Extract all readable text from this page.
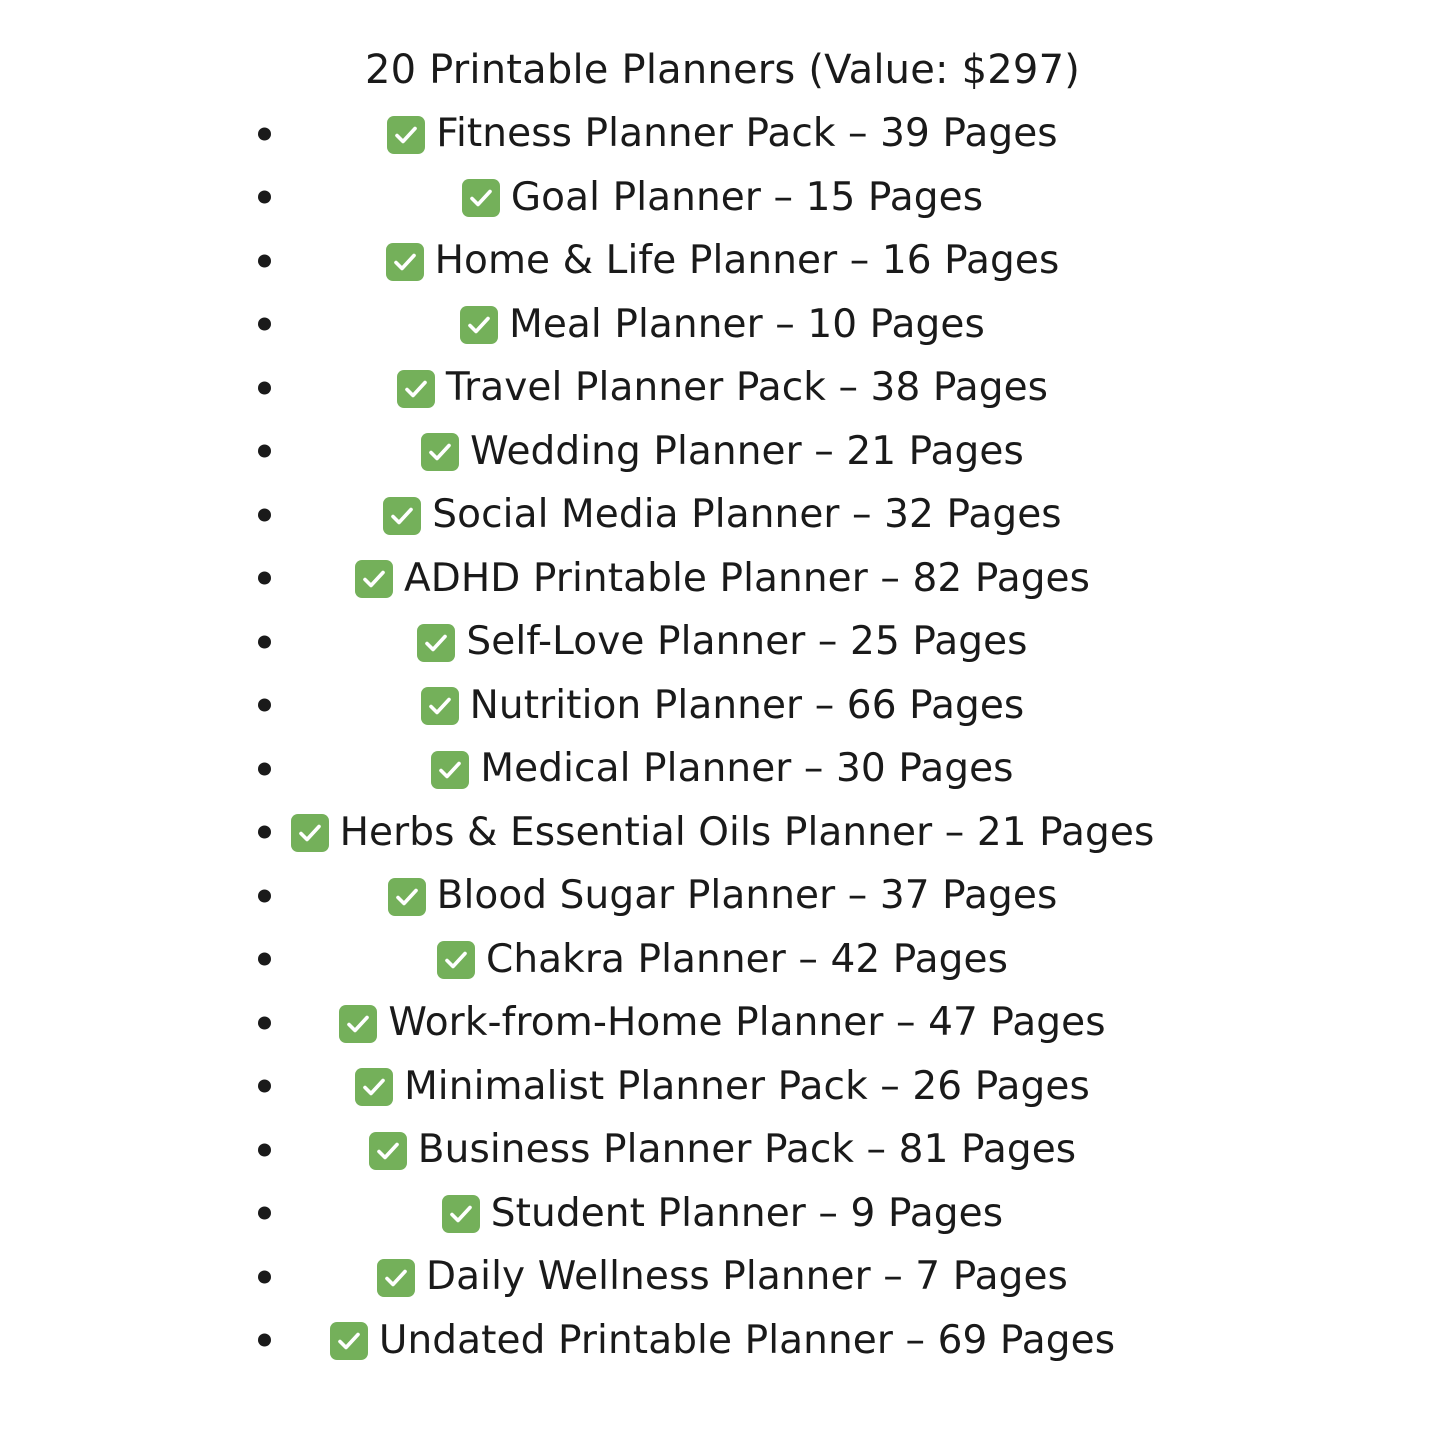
20 Printable Planners (Value: $297)
Fitness Planner Pack – 39 Pages
Goal Planner – 15 Pages
Home & Life Planner – 16 Pages
Meal Planner – 10 Pages
Travel Planner Pack – 38 Pages
Wedding Planner – 21 Pages
Social Media Planner – 32 Pages
ADHD Printable Planner – 82 Pages
Self-Love Planner – 25 Pages
Nutrition Planner – 66 Pages
Medical Planner – 30 Pages
Herbs & Essential Oils Planner – 21 Pages
Blood Sugar Planner – 37 Pages
Chakra Planner – 42 Pages
Work-from-Home Planner – 47 Pages
Minimalist Planner Pack – 26 Pages
Business Planner Pack – 81 Pages
Student Planner – 9 Pages
Daily Wellness Planner – 7 Pages
Undated Printable Planner – 69 Pages
